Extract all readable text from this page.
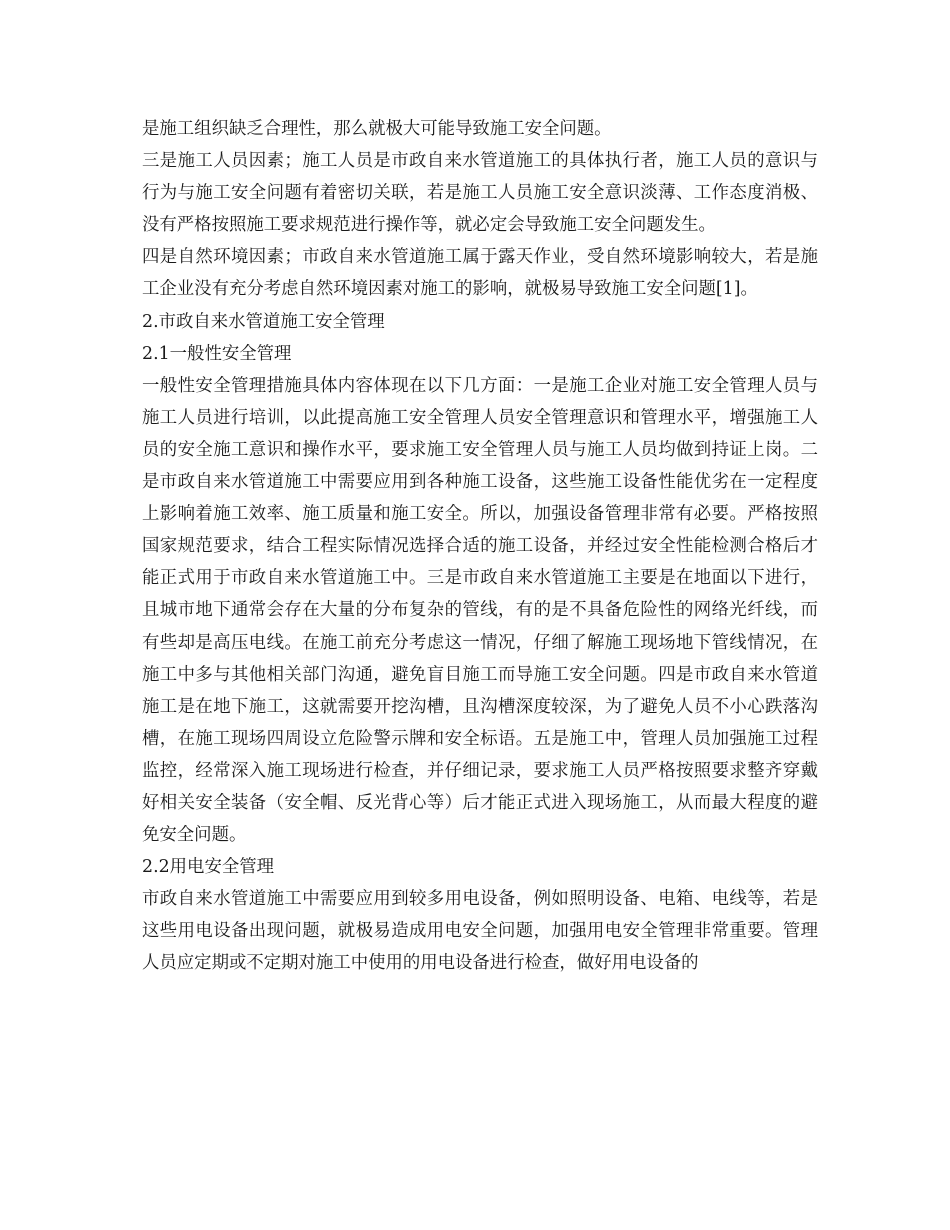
是施工组织缺乏合理性，那么就极大可能导致施工安全问题。

三是施工人员因素；施工人员是市政自来水管道施工的具体执行者，施工人员的意识与行为与施工安全问题有着密切关联，若是施工人员施工安全意识淡薄、工作态度消极、没有严格按照施工要求规范进行操作等，就必定会导致施工安全问题发生。

四是自然环境因素；市政自来水管道施工属于露天作业，受自然环境影响较大，若是施工企业没有充分考虑自然环境因素对施工的影响，就极易导致施工安全问题[1]。

2.市政自来水管道施工安全管理
2.1一般性安全管理

一般性安全管理措施具体内容体现在以下几方面：一是施工企业对施工安全管理人员与施工人员进行培训，以此提高施工安全管理人员安全管理意识和管理水平，增强施工人员的安全施工意识和操作水平，要求施工安全管理人员与施工人员均做到持证上岗。二是市政自来水管道施工中需要应用到各种施工设备，这些施工设备性能优劣在一定程度上影响着施工效率、施工质量和施工安全。所以，加强设备管理非常有必要。严格按照国家规范要求，结合工程实际情况选择合适的施工设备，并经过安全性能检测合格后才能正式用于市政自来水管道施工中。三是市政自来水管道施工主要是在地面以下进行，且城市地下通常会存在大量的分布复杂的管线，有的是不具备危险性的网络光纤线，而有些却是高压电线。在施工前充分考虑这一情况，仔细了解施工现场地下管线情况，在施工中多与其他相关部门沟通，避免盲目施工而导施工安全问题。四是市政自来水管道施工是在地下施工，这就需要开挖沟槽，且沟槽深度较深，为了避免人员不小心跌落沟槽，在施工现场四周设立危险警示牌和安全标语。五是施工中，管理人员加强施工过程监控，经常深入施工现场进行检查，并仔细记录，要求施工人员严格按照要求整齐穿戴好相关安全装备（安全帽、反光背心等）后才能正式进入现场施工，从而最大程度的避免安全问题。

2.2用电安全管理

市政自来水管道施工中需要应用到较多用电设备，例如照明设备、电箱、电线等，若是这些用电设备出现问题，就极易造成用电安全问题，加强用电安全管理非常重要。管理人员应定期或不定期对施工中使用的用电设备进行检查，做好用电设备的
